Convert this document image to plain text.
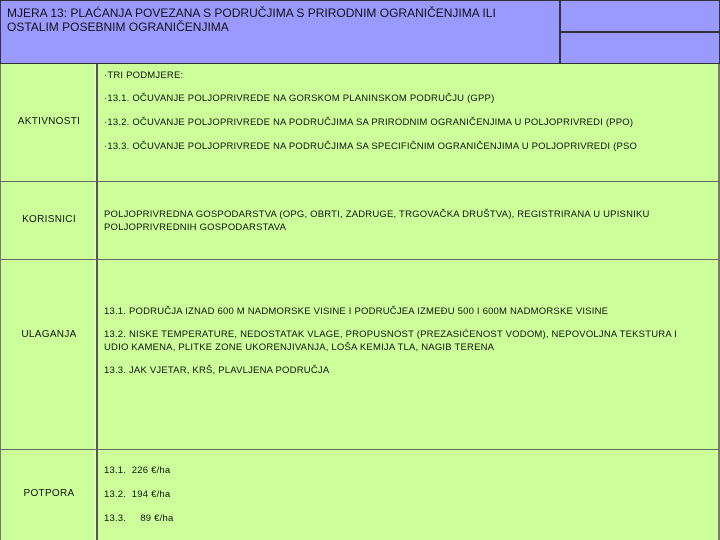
MJERA 13: PLAĆANJA POVEZANA S PODRUČJIMA S PRIRODNIM OGRANIČENJIMA ILI OSTALIM POSEBNIM OGRANIČENJIMA
AKTIVNOSTI
·TRI PODMJERE:
·13.1. OČUVANJE POLJOPRIVREDE NA GORSKOM PLANINSKOM PODRUČJU (GPP)
·13.2. OČUVANJE POLJOPRIVREDE NA PODRUČJIMA SA PRIRODNIM OGRANIČENJIMA U POLJOPRIVREDI (PPO)
·13.3. OČUVANJE POLJOPRIVREDE NA PODRUČJIMA SA SPECIFIČNIM OGRANIČENJIMA U POLJOPRIVREDI (PSO
KORISNICI	POLJOPRIVREDNA GOSPODARSTVA (OPG, OBRTI, ZADRUGE, TRGOVAČKA DRUŠTVA), REGISTRIRANA U UPISNIKU POLJOPRIVREDNIH GOSPODARSTAVA
ULAGANJA
13.1. PODRUČJA IZNAD 600 M NADMORSKE VISINE I PODRUČJEA IZMEĐU 500 I 600M NADMORSKE VISINE
13.2. NISKE TEMPERATURE, NEDOSTATAK VLAGE, PROPUSNOST (PREZASIĆENOST VODOM), NEPOVOLJNA TEKSTURA I UDIO KAMENA, PLITKE ZONE UKORENJIVANJA, LOŠA KEMIJA TLA, NAGIB TERENA
13.3. JAK VJETAR, KRŠ, PLAVLJENA PODRUČJA
POTPORA
13.1.  226 €/ha
13.2.  194 €/ha
13.3.     89 €/ha
